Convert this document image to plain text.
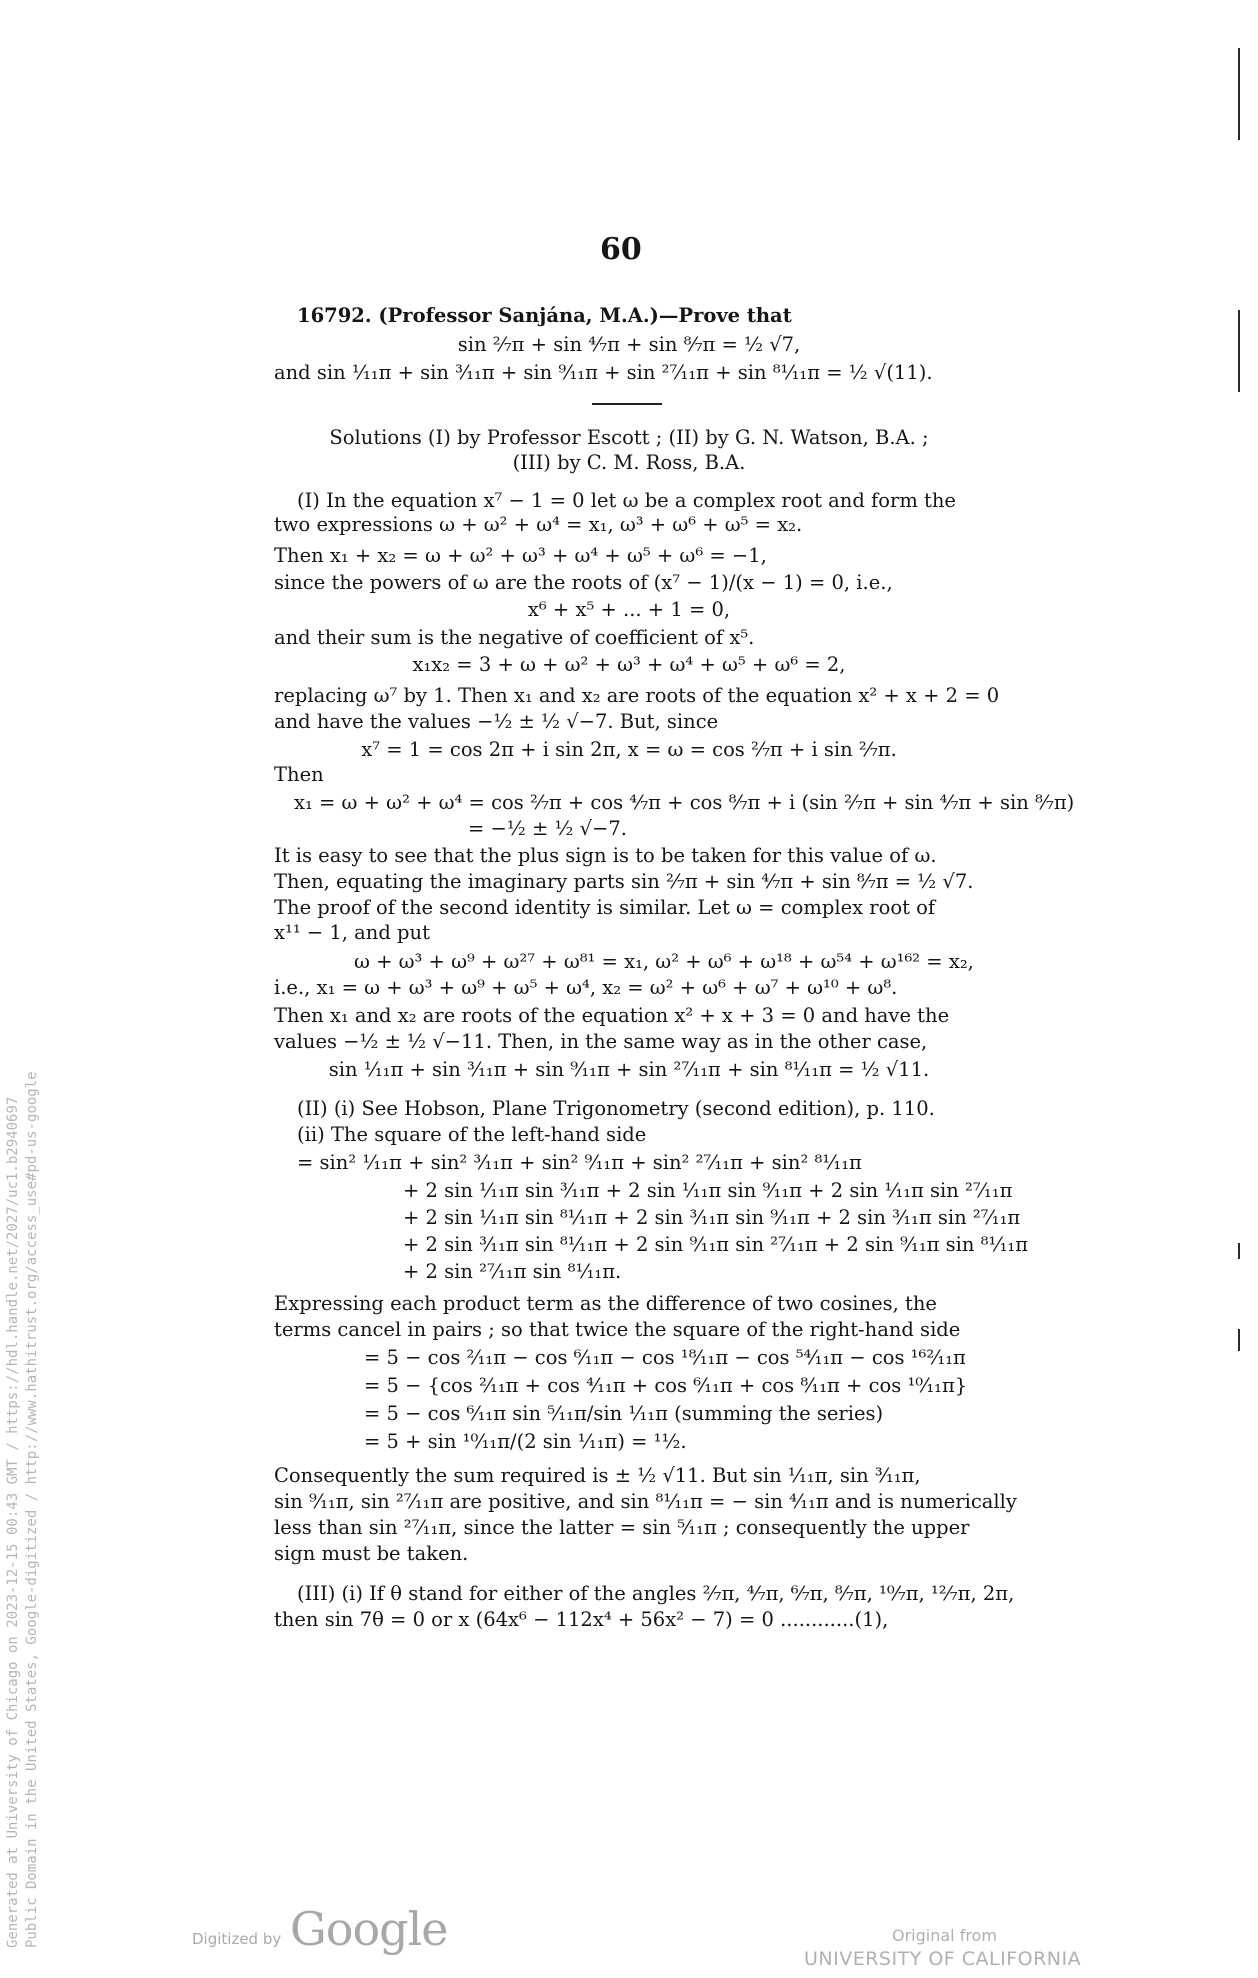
60
16792. (Professor Sanjána, M.A.)—Prove that
sin ²⁄₇π + sin ⁴⁄₇π + sin ⁸⁄₇π = ½ √7,
and sin ¹⁄₁₁π + sin ³⁄₁₁π + sin ⁹⁄₁₁π + sin ²⁷⁄₁₁π + sin ⁸¹⁄₁₁π = ½ √(11).
Solutions (I) by Professor Escott ; (II) by G. N. Watson, B.A. ;
(III) by C. M. Ross, B.A.
(I) In the equation x⁷ − 1 = 0 let ω be a complex root and form the
two expressions ω + ω² + ω⁴ = x₁, ω³ + ω⁶ + ω⁵ = x₂.
Then x₁ + x₂ = ω + ω² + ω³ + ω⁴ + ω⁵ + ω⁶ = −1,
since the powers of ω are the roots of (x⁷ − 1)/(x − 1) = 0, i.e.,
x⁶ + x⁵ + ... + 1 = 0,
and their sum is the negative of coefficient of x⁵.
x₁x₂ = 3 + ω + ω² + ω³ + ω⁴ + ω⁵ + ω⁶ = 2,
replacing ω⁷ by 1. Then x₁ and x₂ are roots of the equation x² + x + 2 = 0
and have the values −½ ± ½ √−7. But, since
x⁷ = 1 = cos 2π + i sin 2π, x = ω = cos ²⁄₇π + i sin ²⁄₇π.
Then
x₁ = ω + ω² + ω⁴ = cos ²⁄₇π + cos ⁴⁄₇π + cos ⁸⁄₇π + i (sin ²⁄₇π + sin ⁴⁄₇π + sin ⁸⁄₇π)
= −½ ± ½ √−7.
It is easy to see that the plus sign is to be taken for this value of ω.
Then, equating the imaginary parts sin ²⁄₇π + sin ⁴⁄₇π + sin ⁸⁄₇π = ½ √7.
The proof of the second identity is similar. Let ω = complex root of
x¹¹ − 1, and put
ω + ω³ + ω⁹ + ω²⁷ + ω⁸¹ = x₁, ω² + ω⁶ + ω¹⁸ + ω⁵⁴ + ω¹⁶² = x₂,
i.e., x₁ = ω + ω³ + ω⁹ + ω⁵ + ω⁴, x₂ = ω² + ω⁶ + ω⁷ + ω¹⁰ + ω⁸.
Then x₁ and x₂ are roots of the equation x² + x + 3 = 0 and have the
values −½ ± ½ √−11. Then, in the same way as in the other case,
sin ¹⁄₁₁π + sin ³⁄₁₁π + sin ⁹⁄₁₁π + sin ²⁷⁄₁₁π + sin ⁸¹⁄₁₁π = ½ √11.
(II) (i) See Hobson, Plane Trigonometry (second edition), p. 110.
(ii) The square of the left-hand side
= sin² ¹⁄₁₁π + sin² ³⁄₁₁π + sin² ⁹⁄₁₁π + sin² ²⁷⁄₁₁π + sin² ⁸¹⁄₁₁π
+ 2 sin ¹⁄₁₁π sin ³⁄₁₁π + 2 sin ¹⁄₁₁π sin ⁹⁄₁₁π + 2 sin ¹⁄₁₁π sin ²⁷⁄₁₁π
+ 2 sin ¹⁄₁₁π sin ⁸¹⁄₁₁π + 2 sin ³⁄₁₁π sin ⁹⁄₁₁π + 2 sin ³⁄₁₁π sin ²⁷⁄₁₁π
+ 2 sin ³⁄₁₁π sin ⁸¹⁄₁₁π + 2 sin ⁹⁄₁₁π sin ²⁷⁄₁₁π + 2 sin ⁹⁄₁₁π sin ⁸¹⁄₁₁π
+ 2 sin ²⁷⁄₁₁π sin ⁸¹⁄₁₁π.
Expressing each product term as the difference of two cosines, the
terms cancel in pairs ; so that twice the square of the right-hand side
= 5 − cos ²⁄₁₁π − cos ⁶⁄₁₁π − cos ¹⁸⁄₁₁π − cos ⁵⁴⁄₁₁π − cos ¹⁶²⁄₁₁π
= 5 − {cos ²⁄₁₁π + cos ⁴⁄₁₁π + cos ⁶⁄₁₁π + cos ⁸⁄₁₁π + cos ¹⁰⁄₁₁π}
= 5 − cos ⁶⁄₁₁π sin ⁵⁄₁₁π/sin ¹⁄₁₁π (summing the series)
= 5 + sin ¹⁰⁄₁₁π/(2 sin ¹⁄₁₁π) = ¹¹⁄₂.
Consequently the sum required is ± ½ √11. But sin ¹⁄₁₁π, sin ³⁄₁₁π,
sin ⁹⁄₁₁π, sin ²⁷⁄₁₁π are positive, and sin ⁸¹⁄₁₁π = − sin ⁴⁄₁₁π and is numerically
less than sin ²⁷⁄₁₁π, since the latter = sin ⁵⁄₁₁π ; consequently the upper
sign must be taken.
(III) (i) If θ stand for either of the angles ²⁄₇π, ⁴⁄₇π, ⁶⁄₇π, ⁸⁄₇π, ¹⁰⁄₇π, ¹²⁄₇π, 2π,
then sin 7θ = 0 or x (64x⁶ − 112x⁴ + 56x² − 7) = 0 ............(1),
Generated at University of Chicago on 2023-12-15 00:43 GMT / https://hdl.handle.net/2027/uc1.b2940697 Public Domain in the United States, Google-digitized / http://www.hathitrust.org/access_use#pd-us-google	Digitized by Google	Original from
UNIVERSITY OF CALIFORNIA
